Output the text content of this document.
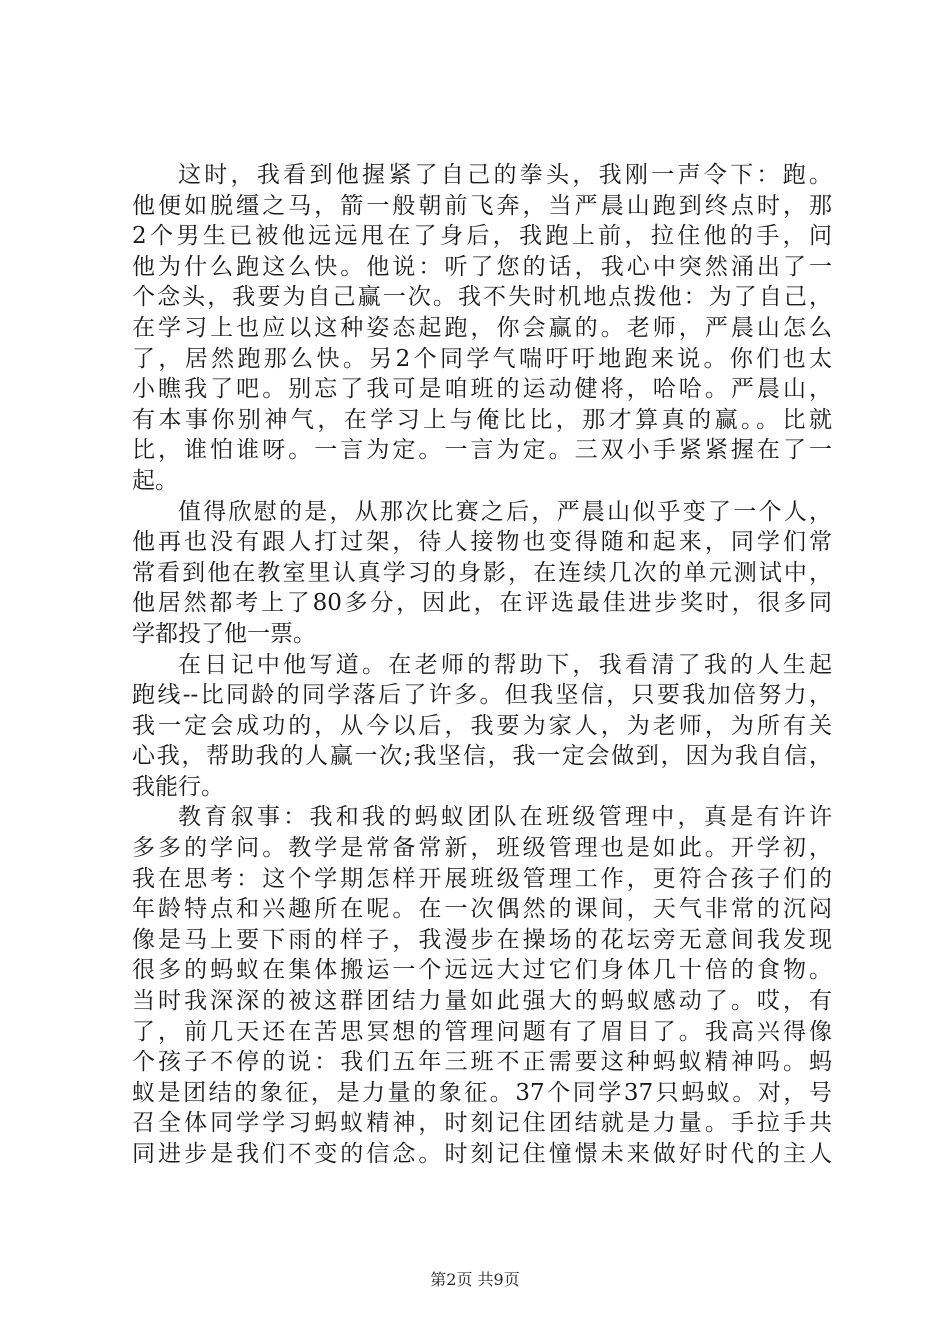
这时，我看到他握紧了自己的拳头，我刚一声令下：跑。
他便如脱缰之马，箭一般朝前飞奔，当严晨山跑到终点时，那
2个男生已被他远远甩在了身后，我跑上前，拉住他的手，问
他为什么跑这么快。他说：听了您的话，我心中突然涌出了一
个念头，我要为自己赢一次。我不失时机地点拨他：为了自己，
在学习上也应以这种姿态起跑，你会赢的。老师，严晨山怎么
了，居然跑那么快。另2个同学气喘吁吁地跑来说。你们也太
小瞧我了吧。别忘了我可是咱班的运动健将，哈哈。严晨山，
有本事你别神气，在学习上与俺比比，那才算真的赢。。比就
比，谁怕谁呀。一言为定。一言为定。三双小手紧紧握在了一
起。
值得欣慰的是，从那次比赛之后，严晨山似乎变了一个人，
他再也没有跟人打过架，待人接物也变得随和起来，同学们常
常看到他在教室里认真学习的身影，在连续几次的单元测试中，
他居然都考上了80多分，因此，在评选最佳进步奖时，很多同
学都投了他一票。
在日记中他写道。在老师的帮助下，我看清了我的人生起
跑线--比同龄的同学落后了许多。但我坚信，只要我加倍努力，
我一定会成功的，从今以后，我要为家人，为老师，为所有关
心我，帮助我的人赢一次;我坚信，我一定会做到，因为我自信，
我能行。
教育叙事：我和我的蚂蚁团队在班级管理中，真是有许许
多多的学问。教学是常备常新，班级管理也是如此。开学初，
我在思考：这个学期怎样开展班级管理工作，更符合孩子们的
年龄特点和兴趣所在呢。在一次偶然的课间，天气非常的沉闷
像是马上要下雨的样子，我漫步在操场的花坛旁无意间我发现
很多的蚂蚁在集体搬运一个远远大过它们身体几十倍的食物。
当时我深深的被这群团结力量如此强大的蚂蚁感动了。哎，有
了，前几天还在苦思冥想的管理问题有了眉目了。我高兴得像
个孩子不停的说：我们五年三班不正需要这种蚂蚁精神吗。蚂
蚁是团结的象征，是力量的象征。37个同学37只蚂蚁。对，号
召全体同学学习蚂蚁精神，时刻记住团结就是力量。手拉手共
同进步是我们不变的信念。时刻记住憧憬未来做好时代的主人
第2页 共9页
